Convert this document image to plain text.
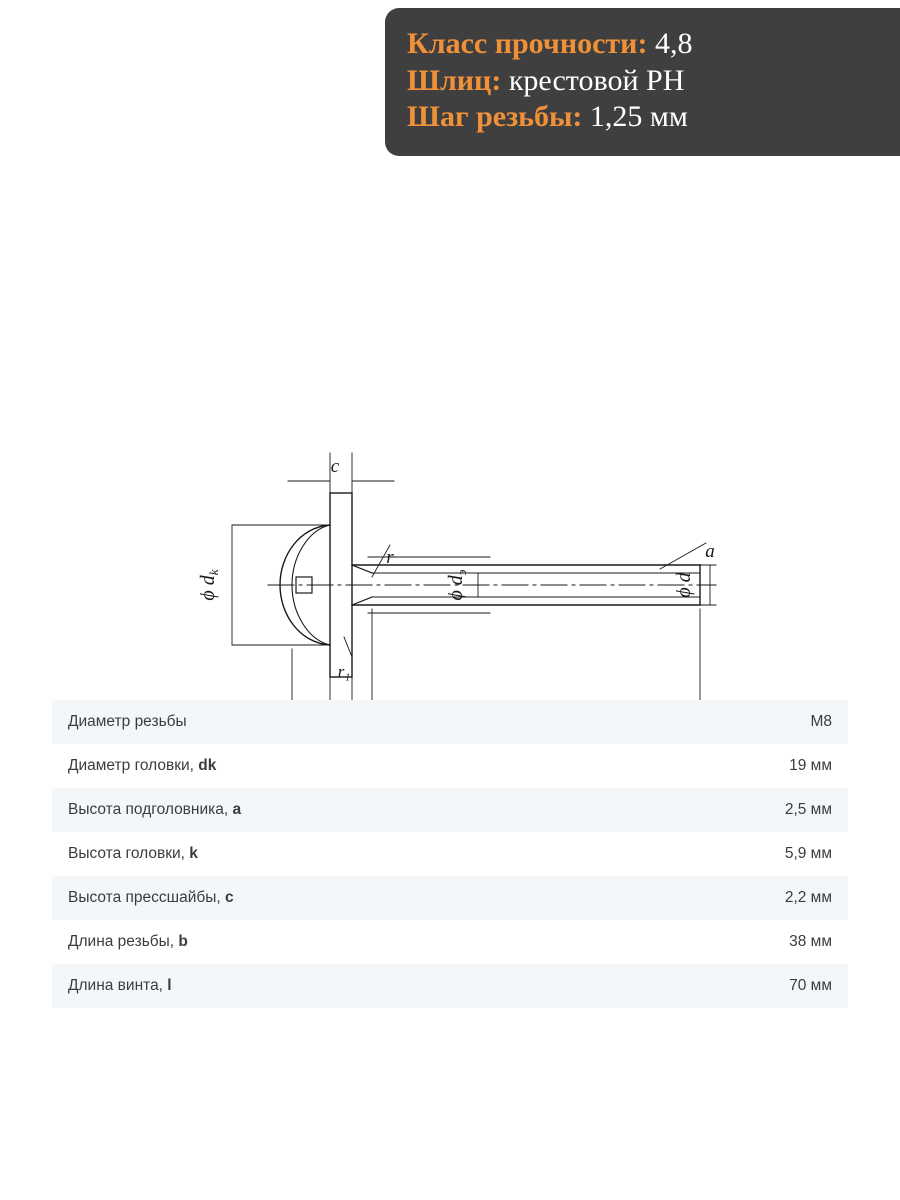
Класс прочности: 4,8
Шлиц: крестовой PH
Шаг резьбы: 1,25 мм
c
r
r₁
a
a
k	l
ϕ $d_k$
ϕ $d_э$	ϕ d
Диаметр резьбы	M8
Диаметр головки, dk	19 мм
Высота подголовника, a	2,5 мм
Высота головки, k	5,9 мм
Высота прессшайбы, c	2,2 мм
Длина резьбы, b	38 мм
Длина винта, l	70 мм
